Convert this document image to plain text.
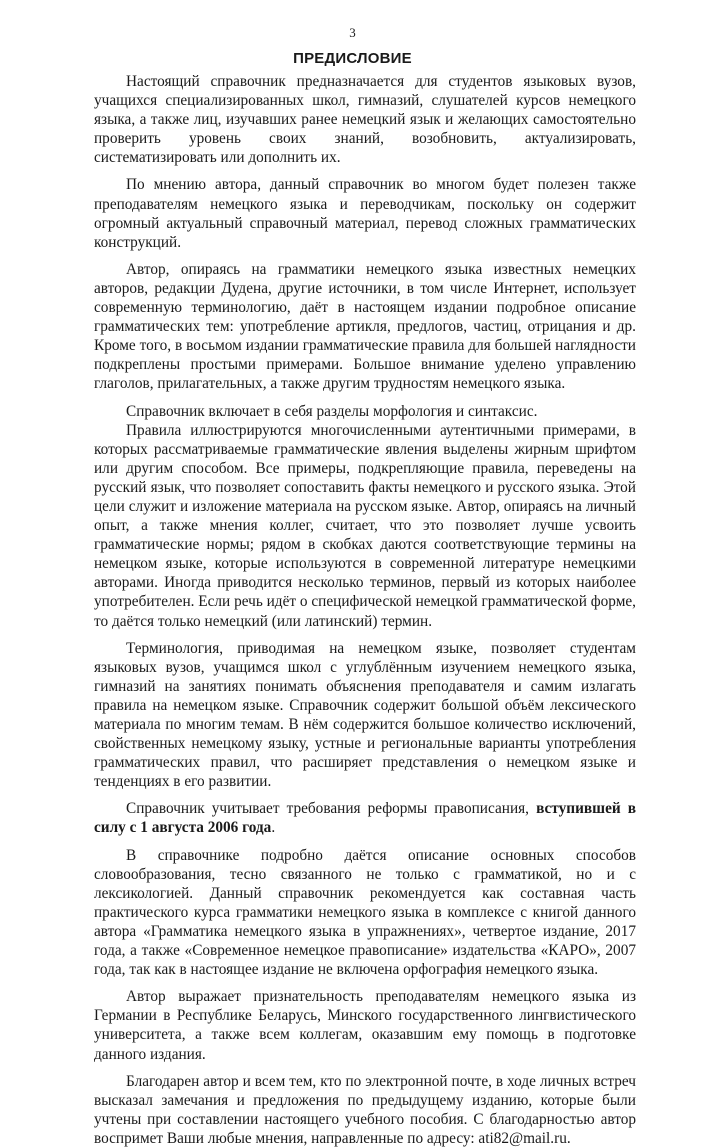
3
ПРЕДИСЛОВИЕ

Настоящий справочник предназначается для студентов языковых вузов, учащихся специализированных школ, гимназий, слушателей курсов немецкого языка, а также лиц, изучавших ранее немецкий язык и желающих самостоятельно проверить уровень своих знаний, возобновить, актуализировать, систематизировать или дополнить их.

По мнению автора, данный справочник во многом будет полезен также преподавателям немецкого языка и переводчикам, поскольку он содержит огромный актуальный справочный материал, перевод сложных грамматических конструкций.

Автор, опираясь на грамматики немецкого языка известных немецких авторов, редакции Дудена, другие источники, в том числе Интернет, использует современную терминологию, даёт в настоящем издании подробное описание грамматических тем: употребление артикля, предлогов, частиц, отрицания и др. Кроме того, в восьмом издании грамматические правила для большей наглядности подкреплены простыми примерами. Большое внимание уделено управлению глаголов, прилагательных, а также другим трудностям немецкого языка.

Справочник включает в себя разделы морфология и синтаксис.

Правила иллюстрируются многочисленными аутентичными примерами, в которых рассматриваемые грамматические явления выделены жирным шрифтом или другим способом. Все примеры, подкрепляющие правила, переведены на русский язык, что позволяет сопоставить факты немецкого и русского языка. Этой цели служит и изложение материала на русском языке. Автор, опираясь на личный опыт, а также мнения коллег, считает, что это позволяет лучше усвоить грамматические нормы; рядом в скобках даются соответствующие термины на немецком языке, которые используются в современной литературе немецкими авторами. Иногда приводится несколько терминов, первый из которых наиболее употребителен. Если речь идёт о специфической немецкой грамматической форме, то даётся только немецкий (или латинский) термин.

Терминология, приводимая на немецком языке, позволяет студентам языковых вузов, учащимся школ с углублённым изучением немецкого языка, гимназий на занятиях понимать объяснения преподавателя и самим излагать правила на немецком языке. Справочник содержит большой объём лексического материала по многим темам. В нём содержится большое количество исключений, свойственных немецкому языку, устные и региональные варианты употребления грамматических правил, что расширяет представления о немецком языке и тенденциях в его развитии.

Справочник учитывает требования реформы правописания, вступившей в силу с 1 августа 2006 года.

В справочнике подробно даётся описание основных способов словообразования, тесно связанного не только с грамматикой, но и с лексикологией. Данный справочник рекомендуется как составная часть практического курса грамматики немецкого языка в комплексе с книгой данного автора «Грамматика немецкого языка в упражнениях», четвертое издание, 2017 года, а также «Современное немецкое правописание» издательства «КАРО», 2007 года, так как в настоящее издание не включена орфография немецкого языка.

Автор выражает признательность преподавателям немецкого языка из Германии в Республике Беларусь, Минского государственного лингвистического университета, а также всем коллегам, оказавшим ему помощь в подготовке данного издания.

Благодарен автор и всем тем, кто по электронной почте, в ходе личных встреч высказал замечания и предложения по предыдущему изданию, которые были учтены при составлении настоящего учебного пособия. С благодарностью автор воспримет Ваши любые мнения, направленные по адресу: ati82@mail.ru.
